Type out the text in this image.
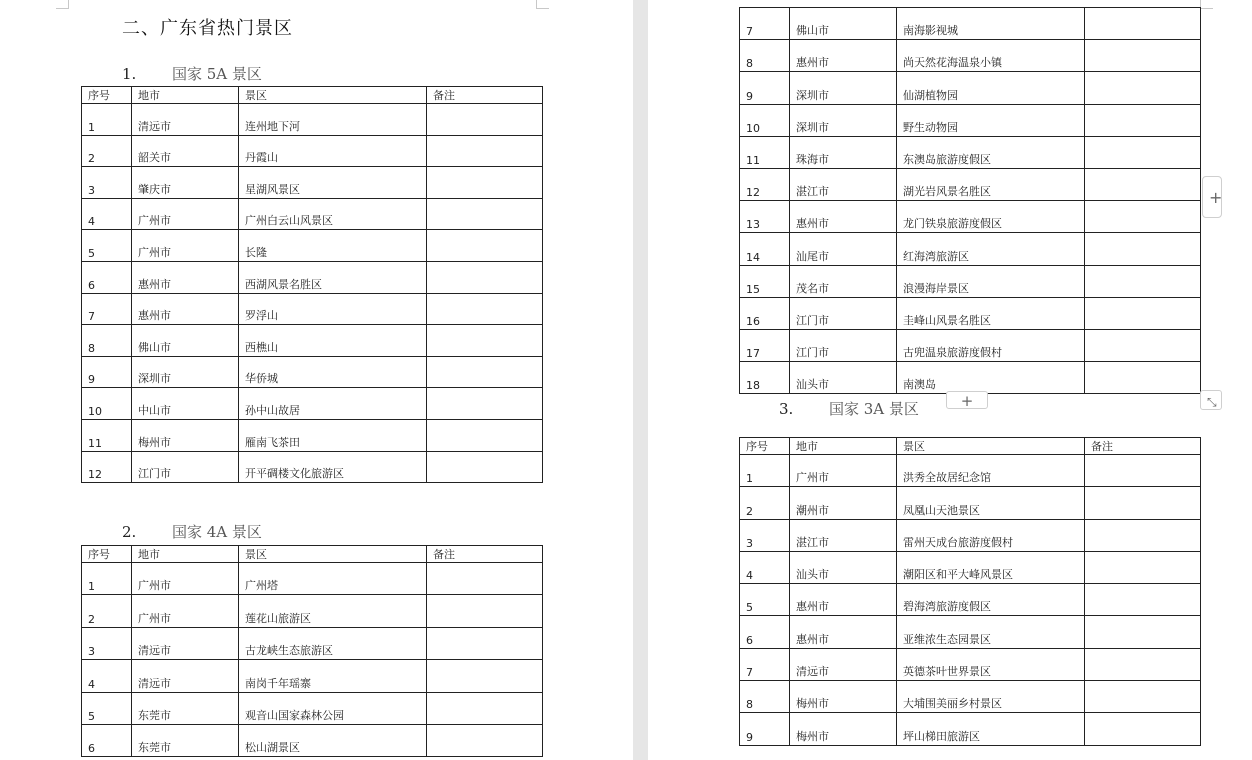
二、广东省热门景区
1. 国家 5A 景区
序号	地市	景区	备注
1	清远市	连州地下河	
2	韶关市	丹霞山	
3	肇庆市	星湖风景区	
4	广州市	广州白云山风景区	
5	广州市	长隆	
6	惠州市	西湖风景名胜区	
7	惠州市	罗浮山	
8	佛山市	西樵山	
9	深圳市	华侨城	
10	中山市	孙中山故居	
11	梅州市	雁南飞茶田	
12	江门市	开平碉楼文化旅游区	
2. 国家 4A 景区
序号	地市	景区	备注
1	广州市	广州塔	
2	广州市	莲花山旅游区	
3	清远市	古龙峡生态旅游区	
4	清远市	南岗千年瑶寨	
5	东莞市	观音山国家森林公园	
6	东莞市	松山湖景区	
7	佛山市	南海影视城	
8	惠州市	尚天然花海温泉小镇	
9	深圳市	仙湖植物园	
10	深圳市	野生动物园	
11	珠海市	东澳岛旅游度假区	
12	湛江市	湖光岩风景名胜区	
13	惠州市	龙门铁泉旅游度假区	
14	汕尾市	红海湾旅游区	
15	茂名市	浪漫海岸景区	
16	江门市	圭峰山风景名胜区	
17	江门市	古兜温泉旅游度假村	
18	汕头市	南澳岛	
+
3. 国家 3A 景区	+	⤡
序号	地市	景区	备注
1	广州市	洪秀全故居纪念馆	
2	潮州市	凤凰山天池景区	
3	湛江市	雷州天成台旅游度假村	
4	汕头市	潮阳区和平大峰风景区	
5	惠州市	碧海湾旅游度假区	
6	惠州市	亚维浓生态园景区	
7	清远市	英德茶叶世界景区	
8	梅州市	大埔围美丽乡村景区	
9	梅州市	坪山梯田旅游区	
